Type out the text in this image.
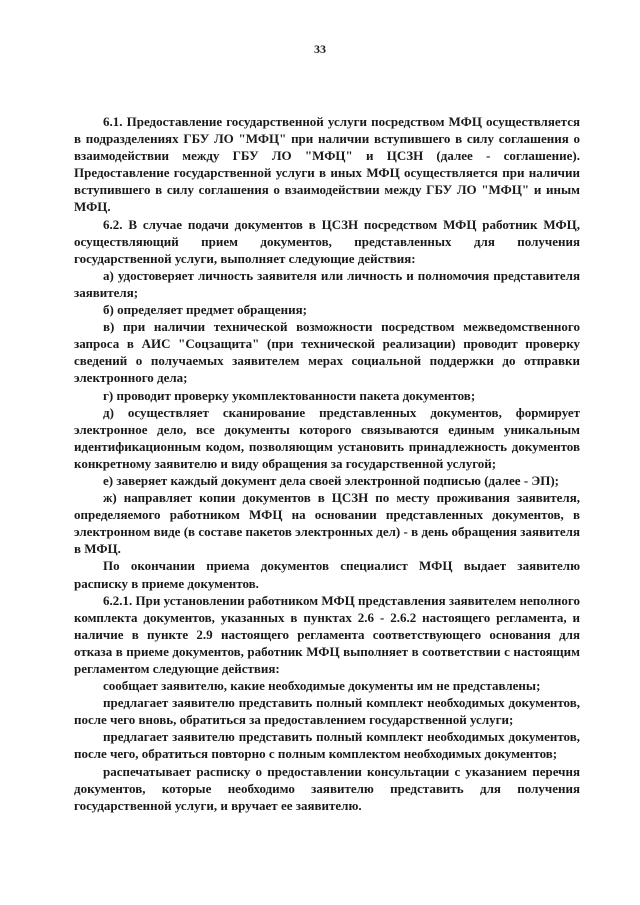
33

6.1. Предоставление государственной услуги посредством МФЦ осуществляется в подразделениях ГБУ ЛО "МФЦ" при наличии вступившего в силу соглашения о взаимодействии между ГБУ ЛО "МФЦ" и ЦСЗН (далее - соглашение). Предоставление государственной услуги в иных МФЦ осуществляется при наличии вступившего в силу соглашения о взаимодействии между ГБУ ЛО "МФЦ" и иным МФЦ.

6.2. В случае подачи документов в ЦСЗН посредством МФЦ работник МФЦ, осуществляющий прием документов, представленных для получения государственной услуги, выполняет следующие действия:

а) удостоверяет личность заявителя или личность и полномочия представителя заявителя;

б) определяет предмет обращения;

в) при наличии технической возможности посредством межведомственного запроса в АИС "Соцзащита" (при технической реализации) проводит проверку сведений о получаемых заявителем мерах социальной поддержки до отправки электронного дела;

г) проводит проверку укомплектованности пакета документов;

д) осуществляет сканирование представленных документов, формирует электронное дело, все документы которого связываются единым уникальным идентификационным кодом, позволяющим установить принадлежность документов конкретному заявителю и виду обращения за государственной услугой;

е) заверяет каждый документ дела своей электронной подписью (далее - ЭП);

ж) направляет копии документов в ЦСЗН по месту проживания заявителя, определяемого работником МФЦ на основании представленных документов, в электронном виде (в составе пакетов электронных дел) - в день обращения заявителя в МФЦ.

По окончании приема документов специалист МФЦ выдает заявителю расписку в приеме документов.

6.2.1. При установлении работником МФЦ представления заявителем неполного комплекта документов, указанных в пунктах 2.6 - 2.6.2 настоящего регламента, и наличие в пункте 2.9 настоящего регламента соответствующего основания для отказа в приеме документов, работник МФЦ выполняет в соответствии с настоящим регламентом следующие действия:

сообщает заявителю, какие необходимые документы им не представлены;

предлагает заявителю представить полный комплект необходимых документов, после чего вновь, обратиться за предоставлением государственной услуги;

предлагает заявителю представить полный комплект необходимых документов, после чего, обратиться повторно с полным комплектом необходимых документов;

распечатывает расписку о предоставлении консультации с указанием перечня документов, которые необходимо заявителю представить для получения государственной услуги, и вручает ее заявителю.
